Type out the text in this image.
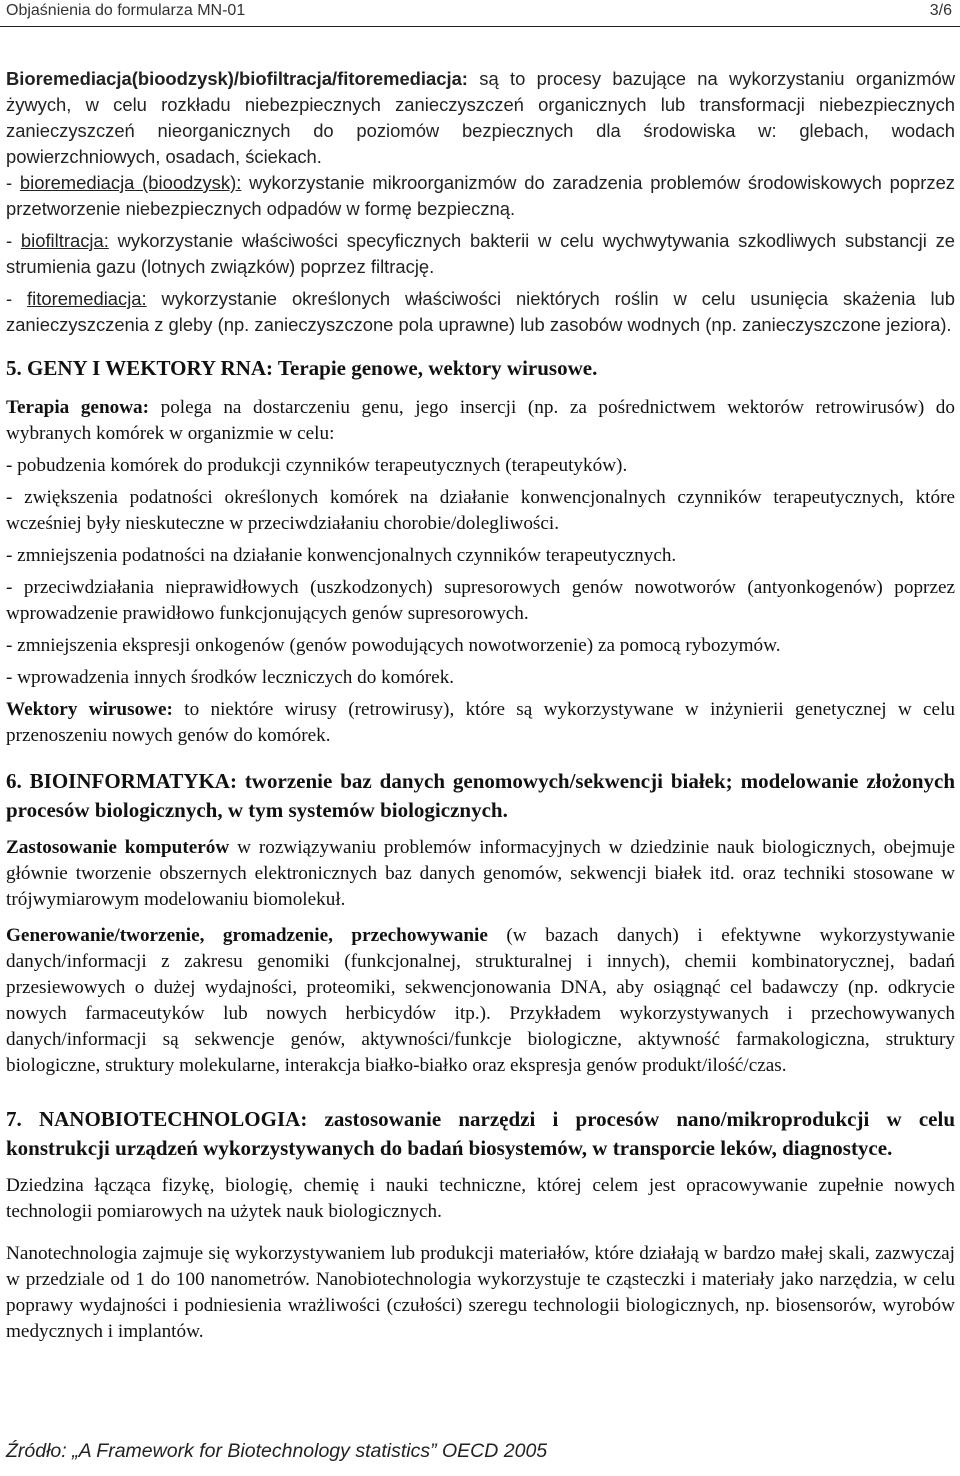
Objaśnienia do formularza MN-01	3/6

Bioremediacja(bioodzysk)/biofiltracja/fitoremediacja: są to procesy bazujące na wykorzystaniu organizmów żywych, w celu rozkładu niebezpiecznych zanieczyszczeń organicznych lub transformacji niebezpiecznych zanieczyszczeń nieorganicznych do poziomów bezpiecznych dla środowiska w: glebach, wodach powierzchniowych, osadach, ściekach.

- bioremediacja (bioodzysk): wykorzystanie mikroorganizmów do zaradzenia problemów środowiskowych poprzez przetworzenie niebezpiecznych odpadów w formę bezpieczną.

- biofiltracja: wykorzystanie właściwości specyficznych bakterii w celu wychwytywania szkodliwych substancji ze strumienia gazu (lotnych związków) poprzez filtrację.

- fitoremediacja: wykorzystanie określonych właściwości niektórych roślin w celu usunięcia skażenia lub zanieczyszczenia z gleby (np. zanieczyszczone pola uprawne) lub zasobów wodnych (np. zanieczyszczone jeziora).

5. GENY I WEKTORY RNA: Terapie genowe, wektory wirusowe.

Terapia genowa: polega na dostarczeniu genu, jego insercji (np. za pośrednictwem wektorów retrowirusów) do wybranych komórek w organizmie w celu:

- pobudzenia komórek do produkcji czynników terapeutycznych (terapeutyków).

- zwiększenia podatności określonych komórek na działanie konwencjonalnych czynników terapeutycznych, które wcześniej były nieskuteczne w przeciwdziałaniu chorobie/dolegliwości.

- zmniejszenia podatności na działanie konwencjonalnych czynników terapeutycznych.

- przeciwdziałania nieprawidłowych (uszkodzonych) supresorowych genów nowotworów (antyonkogenów) poprzez wprowadzenie prawidłowo funkcjonujących genów supresorowych.

- zmniejszenia ekspresji onkogenów (genów powodujących nowotworzenie) za pomocą rybozymów.

- wprowadzenia innych środków leczniczych do komórek.

Wektory wirusowe: to niektóre wirusy (retrowirusy), które są wykorzystywane w inżynierii genetycznej w celu przenoszeniu nowych genów do komórek.

6. BIOINFORMATYKA: tworzenie baz danych genomowych/sekwencji białek; modelowanie złożonych procesów biologicznych, w tym systemów biologicznych.

Zastosowanie komputerów w rozwiązywaniu problemów informacyjnych w dziedzinie nauk biologicznych, obejmuje głównie tworzenie obszernych elektronicznych baz danych genomów, sekwencji białek itd. oraz techniki stosowane w trójwymiarowym modelowaniu biomolekuł.

Generowanie/tworzenie, gromadzenie, przechowywanie (w bazach danych) i efektywne wykorzystywanie danych/informacji z zakresu genomiki (funkcjonalnej, strukturalnej i innych), chemii kombinatorycznej, badań przesiewowych o dużej wydajności, proteomiki, sekwencjonowania DNA, aby osiągnąć cel badawczy (np. odkrycie nowych farmaceutyków lub nowych herbicydów itp.). Przykładem wykorzystywanych i przechowywanych danych/informacji są sekwencje genów, aktywności/funkcje biologiczne, aktywność farmakologiczna, struktury biologiczne, struktury molekularne, interakcja białko-białko oraz ekspresja genów produkt/ilość/czas.

7. NANOBIOTECHNOLOGIA: zastosowanie narzędzi i procesów nano/mikroprodukcji w celu konstrukcji urządzeń wykorzystywanych do badań biosystemów, w transporcie leków, diagnostyce.

Dziedzina łącząca fizykę, biologię, chemię i nauki techniczne, której celem jest opracowywanie zupełnie nowych technologii pomiarowych na użytek nauk biologicznych.

Nanotechnologia zajmuje się wykorzystywaniem lub produkcji materiałów, które działają w bardzo małej skali, zazwyczaj w przedziale od 1 do 100 nanometrów. Nanobiotechnologia wykorzystuje te cząsteczki i materiały jako narzędzia, w celu poprawy wydajności i podniesienia wrażliwości (czułości) szeregu technologii biologicznych, np. biosensorów, wyrobów medycznych i implantów.

Źródło: „A Framework for Biotechnology statistics” OECD 2005
